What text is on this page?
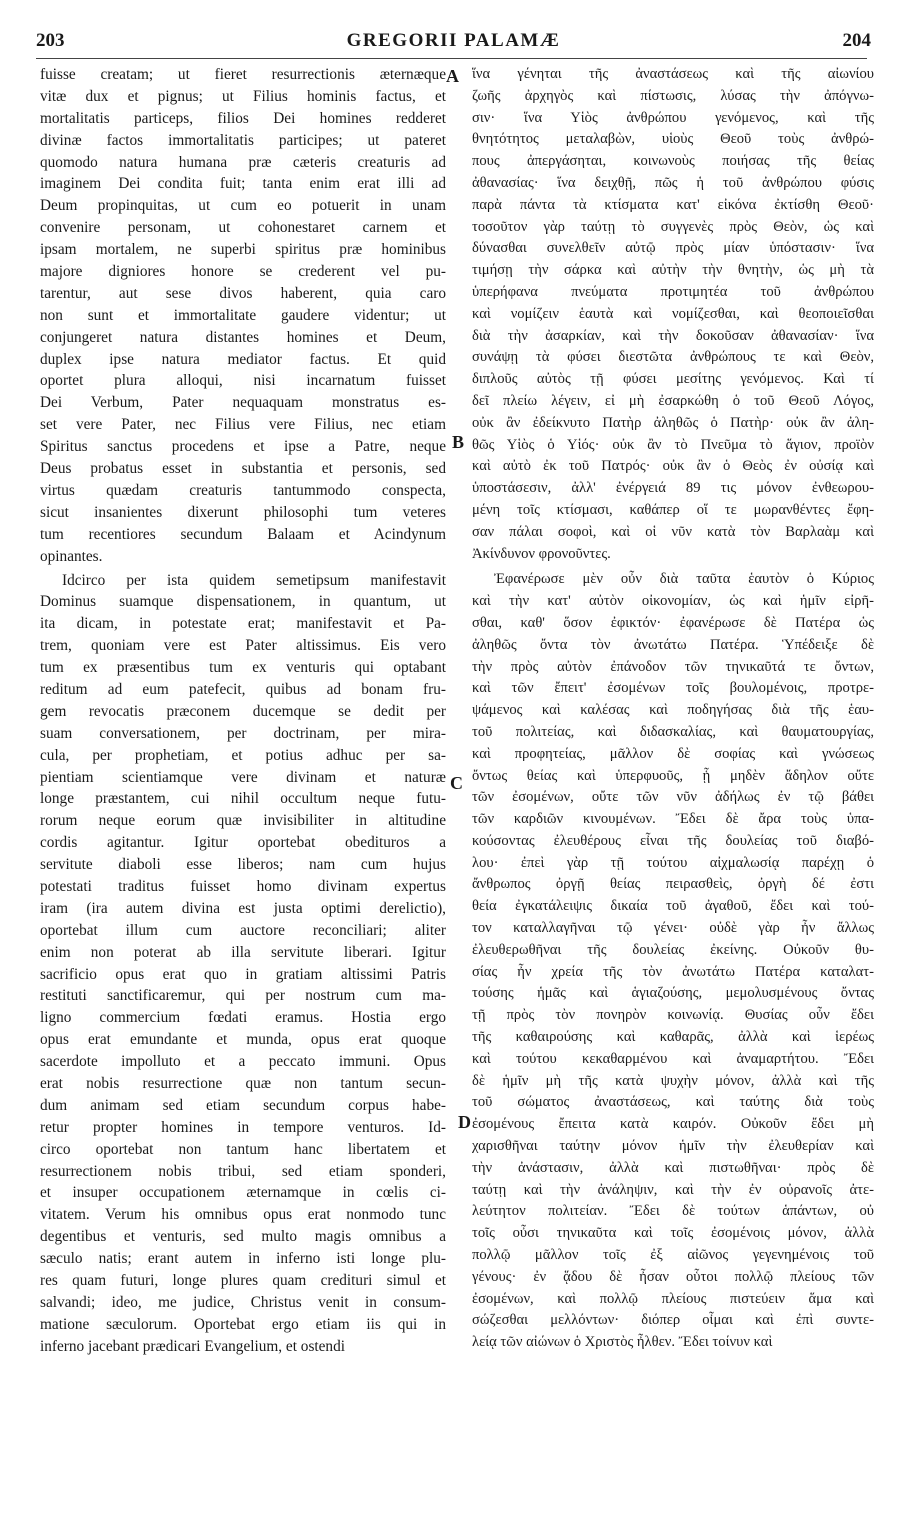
203	GREGORII PALAMÆ	204
fuisse creatam; ut fieret resurrectionis æternæque
vitæ dux et pignus; ut Filius hominis factus, et
mortalitatis particeps, filios Dei homines redderet
divinæ factos immortalitatis participes; ut pateret
quomodo natura humana præ cæteris creaturis ad
imaginem Dei condita fuit; tanta enim erat illi ad
Deum propinquitas, ut cum eo potuerit in unam
convenire personam, ut cohonestaret carnem et
ipsam mortalem, ne superbi spiritus præ hominibus
majore digniores honore se crederent vel pu-
tarentur, aut sese divos haberent, quia caro
non sunt et immortalitate gaudere videntur; ut
conjungeret natura distantes homines et Deum,
duplex ipse natura mediator factus. Et quid
oportet plura alloqui, nisi incarnatum fuisset
Dei Verbum, Pater nequaquam monstratus es-
set vere Pater, nec Filius vere Filius, nec etiam
Spiritus sanctus procedens et ipse a Patre, neque
Deus probatus esset in substantia et personis, sed
virtus quædam creaturis tantummodo conspecta,
sicut insanientes dixerunt philosophi tum veteres
tum recentiores secundum Balaam et Acindynum
opinantes.
Idcirco per ista quidem semetipsum manifestavit
Dominus suamque dispensationem, in quantum, ut
ita dicam, in potestate erat; manifestavit et Pa-
trem, quoniam vere est Pater altissimus. Eis vero
tum ex præsentibus tum ex venturis qui optabant
reditum ad eum patefecit, quibus ad bonam fru-
gem revocatis præconem ducemque se dedit per
suam conversationem, per doctrinam, per mira-
cula, per prophetiam, et potius adhuc per sa-
pientiam scientiamque vere divinam et naturæ
longe præstantem, cui nihil occultum neque futu-
rorum neque eorum quæ invisibiliter in altitudine
cordis agitantur. Igitur oportebat obedituros a
servitute diaboli esse liberos; nam cum hujus
potestati traditus fuisset homo divinam expertus
iram (ira autem divina est justa optimi derelictio),
oportebat illum cum auctore reconciliari; aliter
enim non poterat ab illa servitute liberari. Igitur
sacrificio opus erat quo in gratiam altissimi Patris
restituti sanctificaremur, qui per nostrum cum ma-
ligno commercium fœdati eramus. Hostia ergo
opus erat emundante et munda, opus erat quoque
sacerdote impolluto et a peccato immuni. Opus
erat nobis resurrectione quæ non tantum secun-
dum animam sed etiam secundum corpus habe-
retur propter homines in tempore venturos. Id-
circo oportebat non tantum hanc libertatem et
resurrectionem nobis tribui, sed etiam sponderi,
et insuper occupationem æternamque in cœlis ci-
vitatem. Verum his omnibus opus erat nonmodo tunc
degentibus et venturis, sed multo magis omnibus a
sæculo natis; erant autem in inferno isti longe plu-
res quam futuri, longe plures quam credituri simul et
salvandi; ideo, me judice, Christus venit in consum-
matione sæculorum. Oportebat ergo etiam iis qui in
inferno jacebant prædicari Evangelium, et ostendi
ἵνα γένηται τῆς ἀναστάσεως καὶ τῆς αἰωνίου
ζωῆς ἀρχηγὸς καὶ πίστωσις, λύσας τὴν ἀπόγνω-
σιν· ἵνα Υἱὸς ἀνθρώπου γενόμενος, καὶ τῆς
θνητότητος μεταλαβὼν, υἱοὺς Θεοῦ τοὺς ἀνθρώ-
πους ἀπεργάσηται, κοινωνοὺς ποιήσας τῆς θείας
ἀθανασίας· ἵνα δειχθῇ, πῶς ἡ τοῦ ἀνθρώπου φύσις
παρὰ πάντα τὰ κτίσματα κατ' εἰκόνα ἐκτίσθη Θεοῦ·
τοσοῦτον γὰρ ταύτῃ τὸ συγγενὲς πρὸς Θεὸν, ὡς καὶ
δύνασθαι συνελθεῖν αὐτῷ πρὸς μίαν ὑπόστασιν· ἵνα
τιμήσῃ τὴν σάρκα καὶ αὐτὴν τὴν θνητὴν, ὡς μὴ τὰ
ὑπερήφανα πνεύματα προτιμητέα τοῦ ἀνθρώπου
καὶ νομίζειν ἑαυτὰ καὶ νομίζεσθαι, καὶ θεοποιεῖσθαι
διὰ τὴν ἀσαρκίαν, καὶ τὴν δοκοῦσαν ἀθανασίαν· ἵνα
συνάψῃ τὰ φύσει διεστῶτα ἀνθρώπους τε καὶ Θεὸν,
διπλοῦς αὐτὸς τῇ φύσει μεσίτης γενόμενος. Καὶ τί
δεῖ πλείω λέγειν, εἰ μὴ ἐσαρκώθη ὁ τοῦ Θεοῦ Λόγος,
οὐκ ἂν ἐδείκνυτο Πατὴρ ἀληθῶς ὁ Πατὴρ· οὐκ ἂν ἀλη-
θῶς Υἱὸς ὁ Υἱός· οὐκ ἂν τὸ Πνεῦμα τὸ ἅγιον, προϊὸν
καὶ αὐτὸ ἐκ τοῦ Πατρός· οὐκ ἂν ὁ Θεὸς ἐν οὐσίᾳ καὶ
ὑποστάσεσιν, ἀλλ' ἐνέργειά 89 τις μόνον ἐνθεωρου-
μένη τοῖς κτίσμασι, καθάπερ οἵ τε μωρανθέντες ἔφη-
σαν πάλαι σοφοὶ, καὶ οἱ νῦν κατὰ τὸν Βαρλαὰμ καὶ
Ἀκίνδυνον φρονοῦντες.
Ἐφανέρωσε μὲν οὖν διὰ ταῦτα ἑαυτὸν ὁ Κύριος
καὶ τὴν κατ' αὐτὸν οἰκονομίαν, ὡς καὶ ἡμῖν εἰρῆ-
σθαι, καθ' ὅσον ἐφικτόν· ἐφανέρωσε δὲ Πατέρα ὡς
ἀληθῶς ὄντα τὸν ἀνωτάτω Πατέρα. Ὑπέδειξε δὲ
τὴν πρὸς αὐτὸν ἐπάνοδον τῶν τηνικαῦτά τε ὄντων,
καὶ τῶν ἔπειτ' ἐσομένων τοῖς βουλομένοις, προτρε-
ψάμενος καὶ καλέσας καὶ ποδηγήσας διὰ τῆς ἑαυ-
τοῦ πολιτείας, καὶ διδασκαλίας, καὶ θαυματουργίας,
καὶ προφητείας, μᾶλλον δὲ σοφίας καὶ γνώσεως
ὄντως θείας καὶ ὑπερφυοῦς, ᾗ μηδὲν ἄδηλον οὔτε
τῶν ἐσομένων, οὔτε τῶν νῦν ἀδήλως ἐν τῷ βάθει
τῶν καρδιῶν κινουμένων. Ἔδει δὲ ἄρα τοὺς ὑπα-
κούσοντας ἐλευθέρους εἶναι τῆς δουλείας τοῦ διαβό-
λου· ἐπεὶ γὰρ τῇ τούτου αἰχμαλωσίᾳ παρέχῃ ὁ
ἄνθρωπος ὀργῇ θείας πειρασθεὶς, ὀργὴ δέ ἐστι
θεία ἐγκατάλειψις δικαία τοῦ ἀγαθοῦ, ἔδει καὶ τού-
τον καταλλαγῆναι τῷ γένει· οὐδὲ γὰρ ἦν ἄλλως
ἐλευθερωθῆναι τῆς δουλείας ἐκείνης. Οὐκοῦν θυ-
σίας ἦν χρεία τῆς τὸν ἀνωτάτω Πατέρα καταλατ-
τούσης ἡμᾶς καὶ ἁγιαζούσης, μεμολυσμένους ὄντας
τῇ πρὸς τὸν πονηρὸν κοινωνίᾳ. Θυσίας οὖν ἔδει
τῆς καθαιρούσης καὶ καθαρᾶς, ἀλλὰ καὶ ἱερέως
καὶ τούτου κεκαθαρμένου καὶ ἀναμαρτήτου. Ἔδει
δὲ ἡμῖν μὴ τῆς κατὰ ψυχὴν μόνον, ἀλλὰ καὶ τῆς
τοῦ σώματος ἀναστάσεως, καὶ ταύτης διὰ τοὺς
ἐσομένους ἔπειτα κατὰ καιρόν. Οὐκοῦν ἔδει μὴ
χαρισθῆναι ταύτην μόνον ἡμῖν τὴν ἐλευθερίαν καὶ
τὴν ἀνάστασιν, ἀλλὰ καὶ πιστωθῆναι· πρὸς δὲ
ταύτῃ καὶ τὴν ἀνάληψιν, καὶ τὴν ἐν οὐρανοῖς ἀτε-
λεύτητον πολιτείαν. Ἔδει δὲ τούτων ἁπάντων, οὐ
τοῖς οὖσι τηνικαῦτα καὶ τοῖς ἐσομένοις μόνον, ἀλλὰ
πολλῷ μᾶλλον τοῖς ἐξ αἰῶνος γεγενημένοις τοῦ
γένους· ἐν ᾅδου δὲ ἦσαν οὗτοι πολλῷ πλείους τῶν
ἐσομένων, καὶ πολλῷ πλείους πιστεύειν ἅμα καὶ
σώζεσθαι μελλόντων· διόπερ οἶμαι καὶ ἐπὶ συντε-
λείᾳ τῶν αἰώνων ὁ Χριστὸς ἦλθεν. Ἔδει τοίνυν καὶ
A
B
C
D
